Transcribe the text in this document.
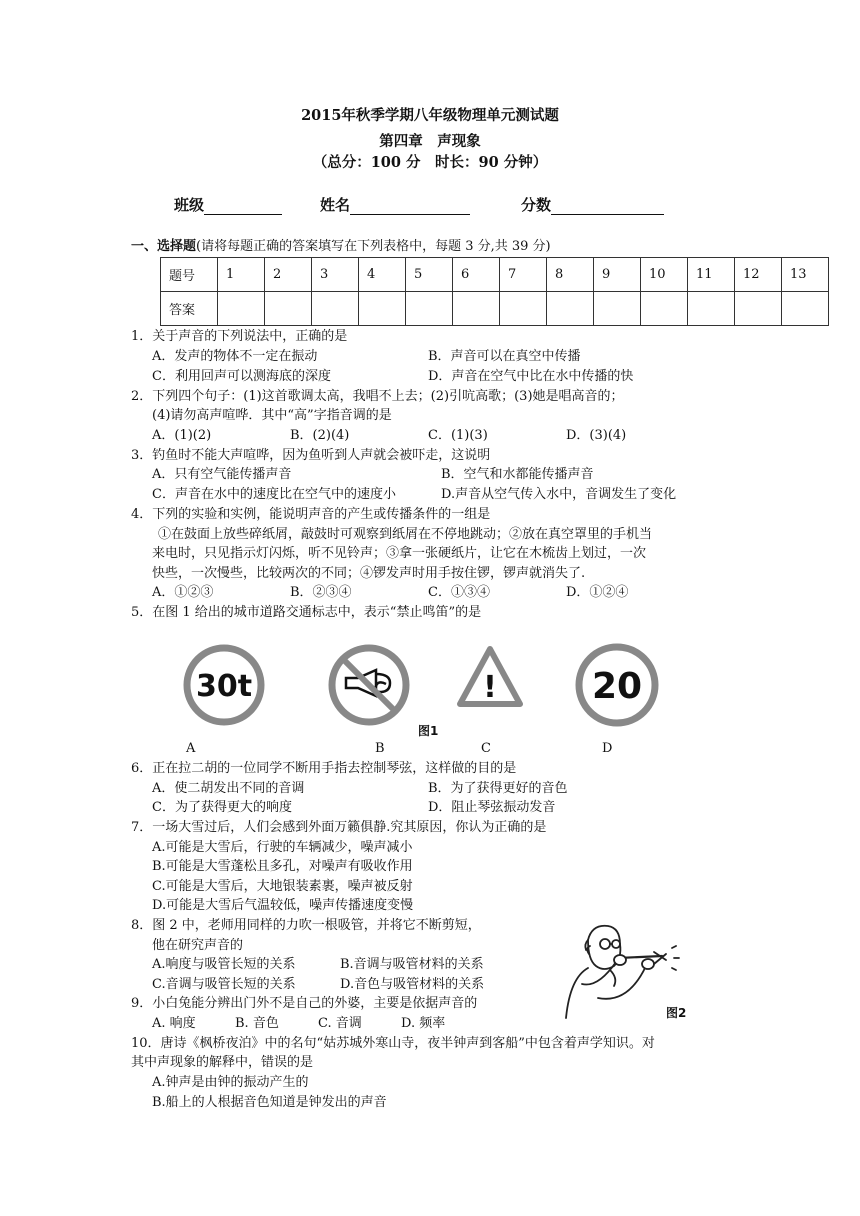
2015年秋季学期八年级物理单元测试题
第四章　声现象
（总分：100 分　时长：90 分钟）
班级	姓名	分数
一、选择题(请将每题正确的答案填写在下列表格中，每题 3 分,共 39 分)
题号	1	2	3	4	5	6	7	8	9	10	11	12	13
答案													
1．关于声音的下列说法中，正确的是
A．发声的物体不一定在振动	B．声音可以在真空中传播
C．利用回声可以测海底的深度	D．声音在空气中比在水中传播的快
2．下列四个句子：(1)这首歌调太高，我唱不上去；(2)引吭高歌；(3)她是唱高音的；
(4)请勿高声喧哗．其中“高”字指音调的是
A．(1)(2)	B．(2)(4)	C．(1)(3)	D．(3)(4)
3．钓鱼时不能大声喧哗，因为鱼听到人声就会被吓走，这说明
A．只有空气能传播声音	B．空气和水都能传播声音
C．声音在水中的速度比在空气中的速度小	D.声音从空气传入水中，音调发生了变化
4．下列的实验和实例，能说明声音的产生或传播条件的一组是
①在鼓面上放些碎纸屑，敲鼓时可观察到纸屑在不停地跳动；②放在真空罩里的手机当
来电时，只见指示灯闪烁，听不见铃声；③拿一张硬纸片，让它在木梳齿上划过，一次
快些，一次慢些，比较两次的不同；④锣发声时用手按住锣，锣声就消失了.
A．①②③	B．②③④	C．①③④	D．①②④
5．在图 1 给出的城市道路交通标志中，表示“禁止鸣笛”的是
30t	!	20
图1
A	B	C	D
6．正在拉二胡的一位同学不断用手指去控制琴弦，这样做的目的是
A．使二胡发出不同的音调	B．为了获得更好的音色
C．为了获得更大的响度	D．阻止琴弦振动发音
7．一场大雪过后，人们会感到外面万籁俱静.究其原因，你认为正确的是
A.可能是大雪后，行驶的车辆减少，噪声减小
B.可能是大雪蓬松且多孔，对噪声有吸收作用
C.可能是大雪后，大地银装素裹，噪声被反射
D.可能是大雪后气温较低，噪声传播速度变慢
8．图 2 中，老师用同样的力吹一根吸管，并将它不断剪短，
他在研究声音的
A.响度与吸管长短的关系	B.音调与吸管材料的关系
C.音调与吸管长短的关系	D.音色与吸管材料的关系
9．小白兔能分辨出门外不是自己的外婆，主要是依据声音的
A. 响度	B. 音色	C. 音调	D. 频率
10．唐诗《枫桥夜泊》中的名句“姑苏城外寒山寺，夜半钟声到客船”中包含着声学知识。对
其中声现象的解释中，错误的是
A.钟声是由钟的振动产生的
B.船上的人根据音色知道是钟发出的声音
图2
